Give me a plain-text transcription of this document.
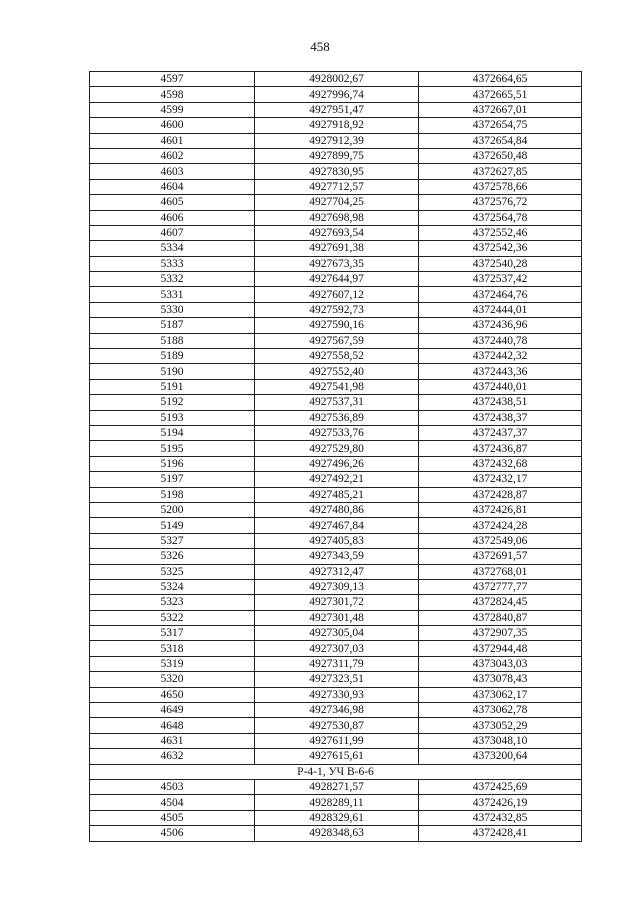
458
4597	4928002,67	4372664,65
4598	4927996,74	4372665,51
4599	4927951,47	4372667,01
4600	4927918,92	4372654,75
4601	4927912,39	4372654,84
4602	4927899,75	4372650,48
4603	4927830,95	4372627,85
4604	4927712,57	4372578,66
4605	4927704,25	4372576,72
4606	4927698,98	4372564,78
4607	4927693,54	4372552,46
5334	4927691,38	4372542,36
5333	4927673,35	4372540,28
5332	4927644,97	4372537,42
5331	4927607,12	4372464,76
5330	4927592,73	4372444,01
5187	4927590,16	4372436,96
5188	4927567,59	4372440,78
5189	4927558,52	4372442,32
5190	4927552,40	4372443,36
5191	4927541,98	4372440,01
5192	4927537,31	4372438,51
5193	4927536,89	4372438,37
5194	4927533,76	4372437,37
5195	4927529,80	4372436,87
5196	4927496,26	4372432,68
5197	4927492,21	4372432,17
5198	4927485,21	4372428,87
5200	4927480,86	4372426,81
5149	4927467,84	4372424,28
5327	4927405,83	4372549,06
5326	4927343,59	4372691,57
5325	4927312,47	4372768,01
5324	4927309,13	4372777,77
5323	4927301,72	4372824,45
5322	4927301,48	4372840,87
5317	4927305,04	4372907,35
5318	4927307,03	4372944,48
5319	4927311,79	4373043,03
5320	4927323,51	4373078,43
4650	4927330,93	4373062,17
4649	4927346,98	4373062,78
4648	4927530,87	4373052,29
4631	4927611,99	4373048,10
4632	4927615,61	4373200,64
Р-4-1, УЧ В-6-6		
4503	4928271,57	4372425,69
4504	4928289,11	4372426,19
4505	4928329,61	4372432,85
4506	4928348,63	4372428,41
